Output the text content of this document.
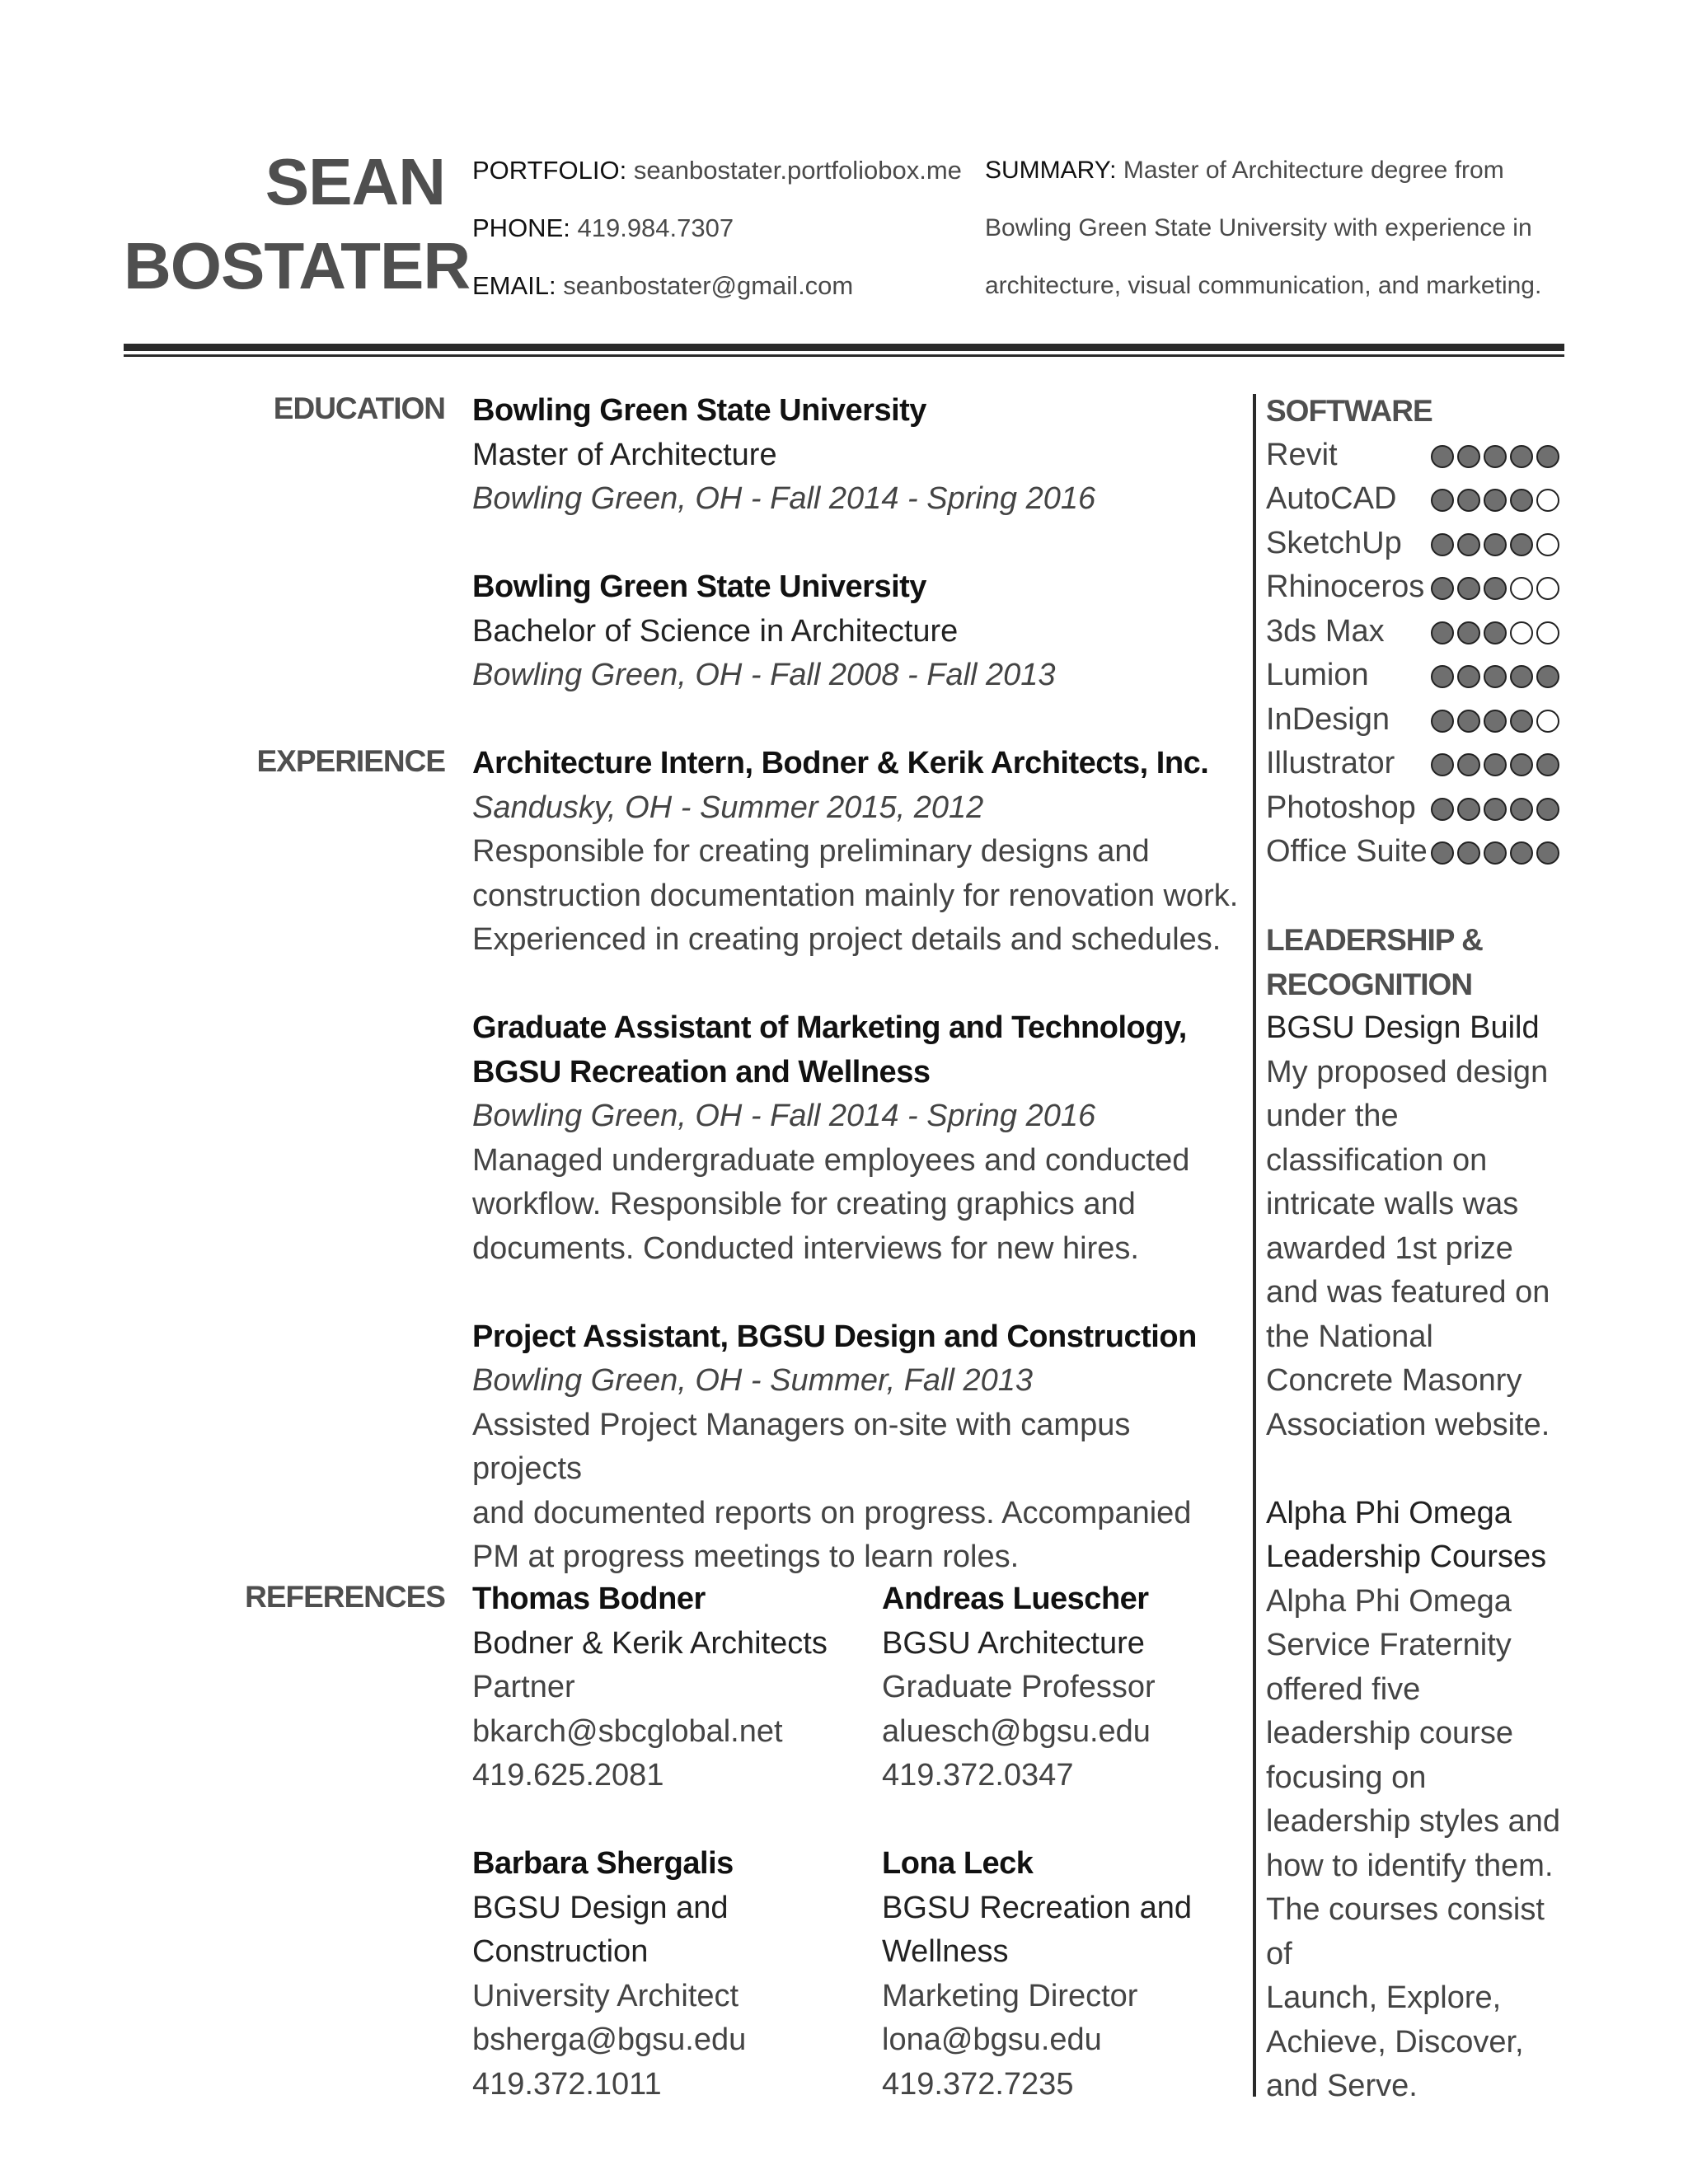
SEAN
BOSTATER
PORTFOLIO: seanbostater.portfoliobox.me
PHONE: 419.984.7307
EMAIL: seanbostater@gmail.com
SUMMARY: Master of Architecture degree from
Bowling Green State University with experience in
architecture, visual communication, and marketing.
EDUCATION Bowling Green State University
Master of Architecture
Bowling Green, OH - Fall 2014 - Spring 2016
Bowling Green State University
Bachelor of Science in Architecture
Bowling Green, OH - Fall 2008 - Fall 2013
EXPERIENCE Architecture Intern, Bodner & Kerik Architects, Inc.
Sandusky, OH - Summer 2015, 2012
Responsible for creating preliminary designs and
construction documentation mainly for renovation work.
Experienced in creating project details and schedules.
Graduate Assistant of Marketing and Technology,
BGSU Recreation and Wellness
Bowling Green, OH - Fall 2014 - Spring 2016
Managed undergraduate employees and conducted
workflow. Responsible for creating graphics and
documents. Conducted interviews for new hires.
Project Assistant, BGSU Design and Construction
Bowling Green, OH - Summer, Fall 2013
Assisted Project Managers on-site with campus projects
and documented reports on progress. Accompanied
PM at progress meetings to learn roles.
REFERENCES Thomas Bodner
Bodner & Kerik Architects
Partner
bkarch@sbcglobal.net
419.625.2081
Andreas Luescher
BGSU Architecture
Graduate Professor
aluesch@bgsu.edu
419.372.0347
Barbara Shergalis
BGSU Design and
Construction
University Architect
bsherga@bgsu.edu
419.372.1011
Lona Leck
BGSU Recreation and
Wellness
Marketing Director
lona@bgsu.edu
419.372.7235
SOFTWARE
Revit
AutoCAD
SketchUp
Rhinoceros
3ds Max
Lumion
InDesign
Illustrator
Photoshop
Office Suite
LEADERSHIP &
RECOGNITION
BGSU Design Build
My proposed design
under the
classification on
intricate walls was
awarded 1st prize
and was featured on
the National
Concrete Masonry
Association website.
Alpha Phi Omega
Leadership Courses
Alpha Phi Omega
Service Fraternity
offered five
leadership course
focusing on
leadership styles and
how to identify them.
The courses consist of
Launch, Explore,
Achieve, Discover,
and Serve.
